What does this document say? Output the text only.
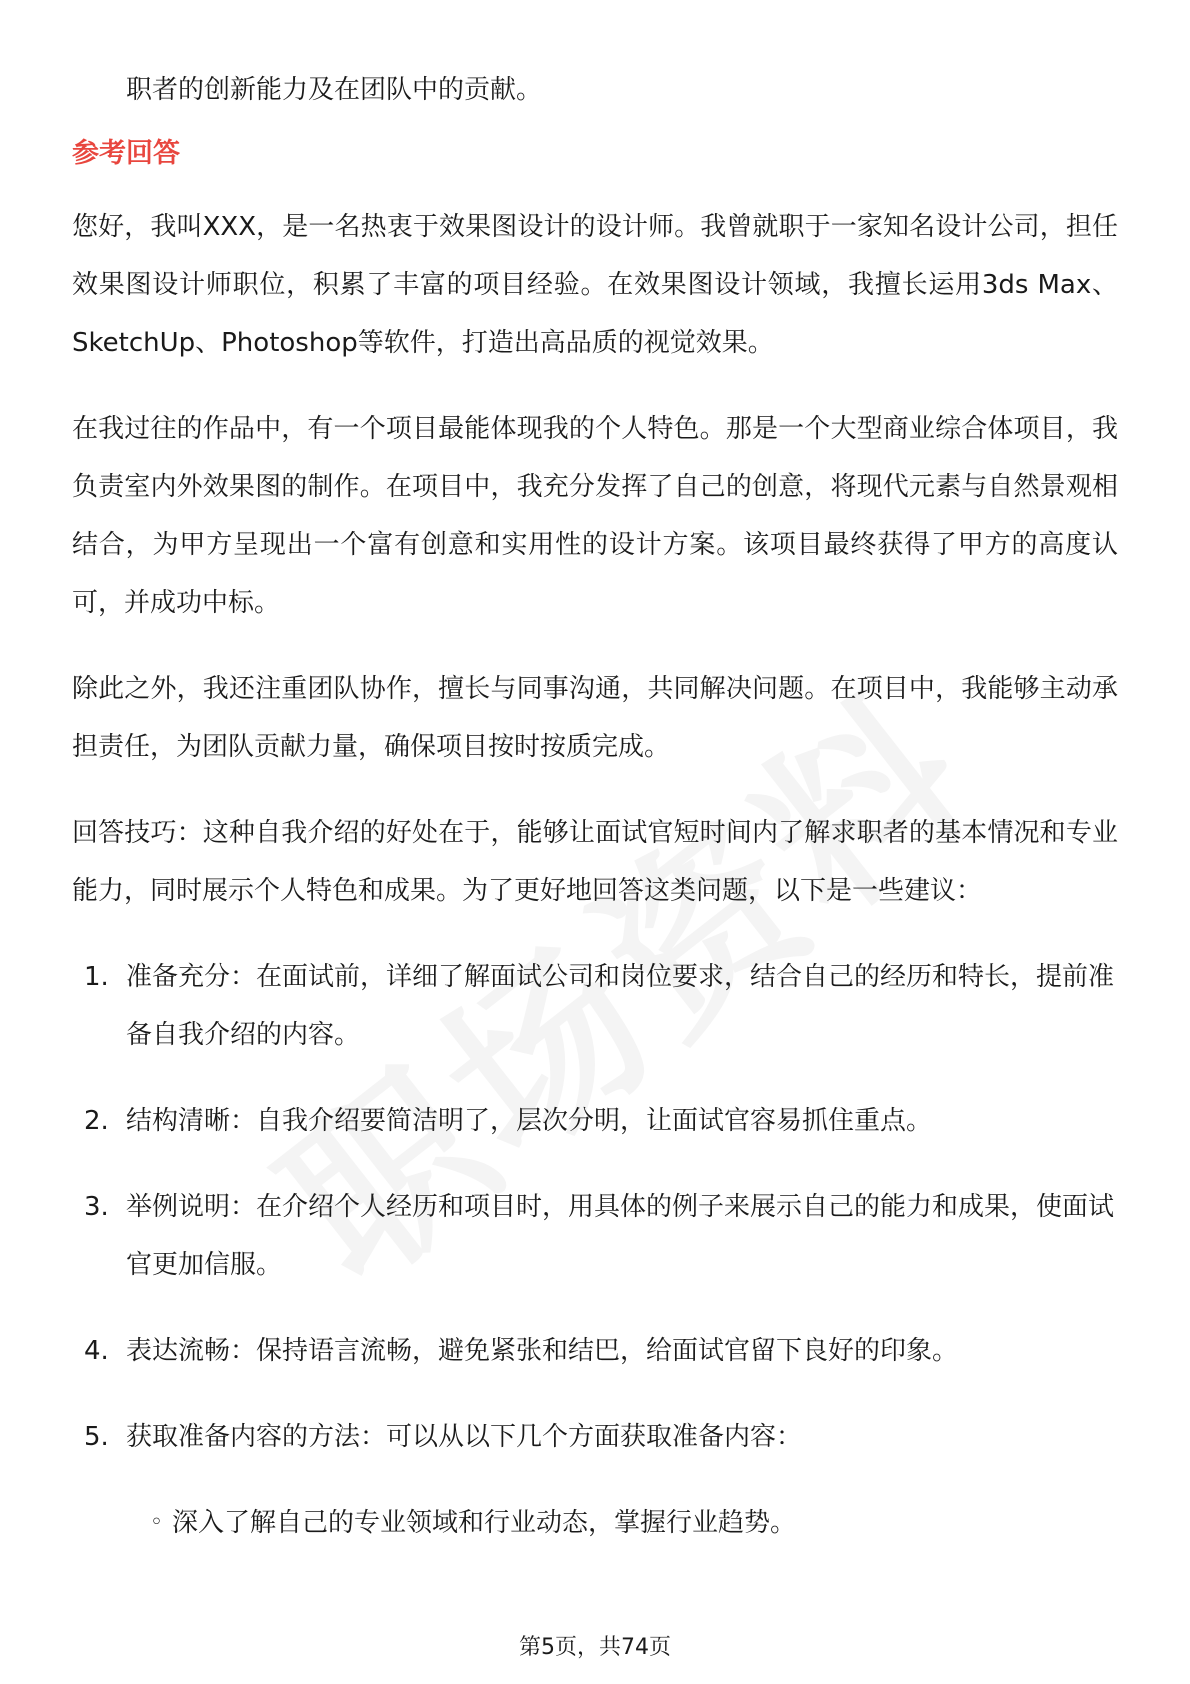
职者的创新能力及在团队中的贡献。
参考回答

您好，我叫XXX，是一名热衷于效果图设计的设计师。我曾就职于一家知名设计公司，担任效果图设计师职位，积累了丰富的项目经验。在效果图设计领域，我擅长运用3ds Max、SketchUp、Photoshop等软件，打造出高品质的视觉效果。

在我过往的作品中，有一个项目最能体现我的个人特色。那是一个大型商业综合体项目，我负责室内外效果图的制作。在项目中，我充分发挥了自己的创意，将现代元素与自然景观相结合，为甲方呈现出一个富有创意和实用性的设计方案。该项目最终获得了甲方的高度认可，并成功中标。

除此之外，我还注重团队协作，擅长与同事沟通，共同解决问题。在项目中，我能够主动承担责任，为团队贡献力量，确保项目按时按质完成。

回答技巧：这种自我介绍的好处在于，能够让面试官短时间内了解求职者的基本情况和专业能力，同时展示个人特色和成果。为了更好地回答这类问题，以下是一些建议：

1. 准备充分：在面试前，详细了解面试公司和岗位要求，结合自己的经历和特长，提前准备自我介绍的内容。
2. 结构清晰：自我介绍要简洁明了，层次分明，让面试官容易抓住重点。
3. 举例说明：在介绍个人经历和项目时，用具体的例子来展示自己的能力和成果，使面试官更加信服。
4. 表达流畅：保持语言流畅，避免紧张和结巴，给面试官留下良好的印象。
5. 获取准备内容的方法：可以从以下几个方面获取准备内容：
◦ 深入了解自己的专业领域和行业动态，掌握行业趋势。
第5页，共74页
